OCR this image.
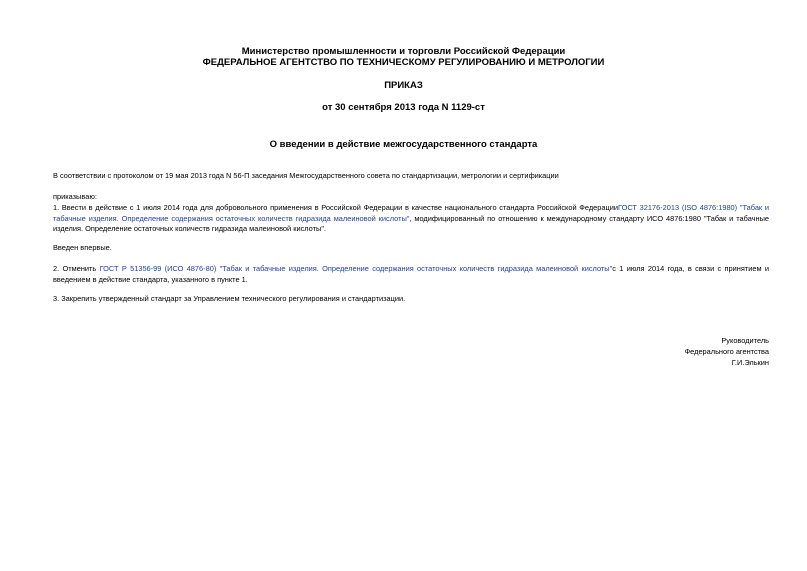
Министерство промышленности и торговли Российской Федерации
ФЕДЕРАЛЬНОЕ АГЕНТСТВО ПО ТЕХНИЧЕСКОМУ РЕГУЛИРОВАНИЮ И МЕТРОЛОГИИ
ПРИКАЗ
от 30 сентября 2013 года N 1129-ст
О введении в действие межгосударственного стандарта
В соответствии с протоколом от 19 мая 2013 года N 56-П заседания Межгосударственного совета по стандартизации, метрологии и сертификации
приказываю:
1. Ввести в действие с 1 июля 2014 года для добровольного применения в Российской Федерации в качестве национального стандарта Российской ФедерацииГОСТ 32176-2013 (ISO 4876:1980) "Табак и табачные изделия. Определение содержания остаточных количеств гидразида малеиновой кислоты", модифицированный по отношению к международному стандарту ИСО 4876:1980 "Табак и табачные изделия. Определение остаточных количеств гидразида малеиновой кислоты".
Введен впервые.
2. Отменить ГОСТ Р 51356-99 (ИСО 4876-80) "Табак и табачные изделия. Определение содержания остаточных количеств гидразида малеиновой кислоты"с 1 июля 2014 года, в связи с принятием и введением в действие стандарта, указанного в пункте 1.
3. Закрепить утвержденный стандарт за Управлением технического регулирования и стандартизации.
Руководитель
Федерального агентства
Г.И.Элькин
